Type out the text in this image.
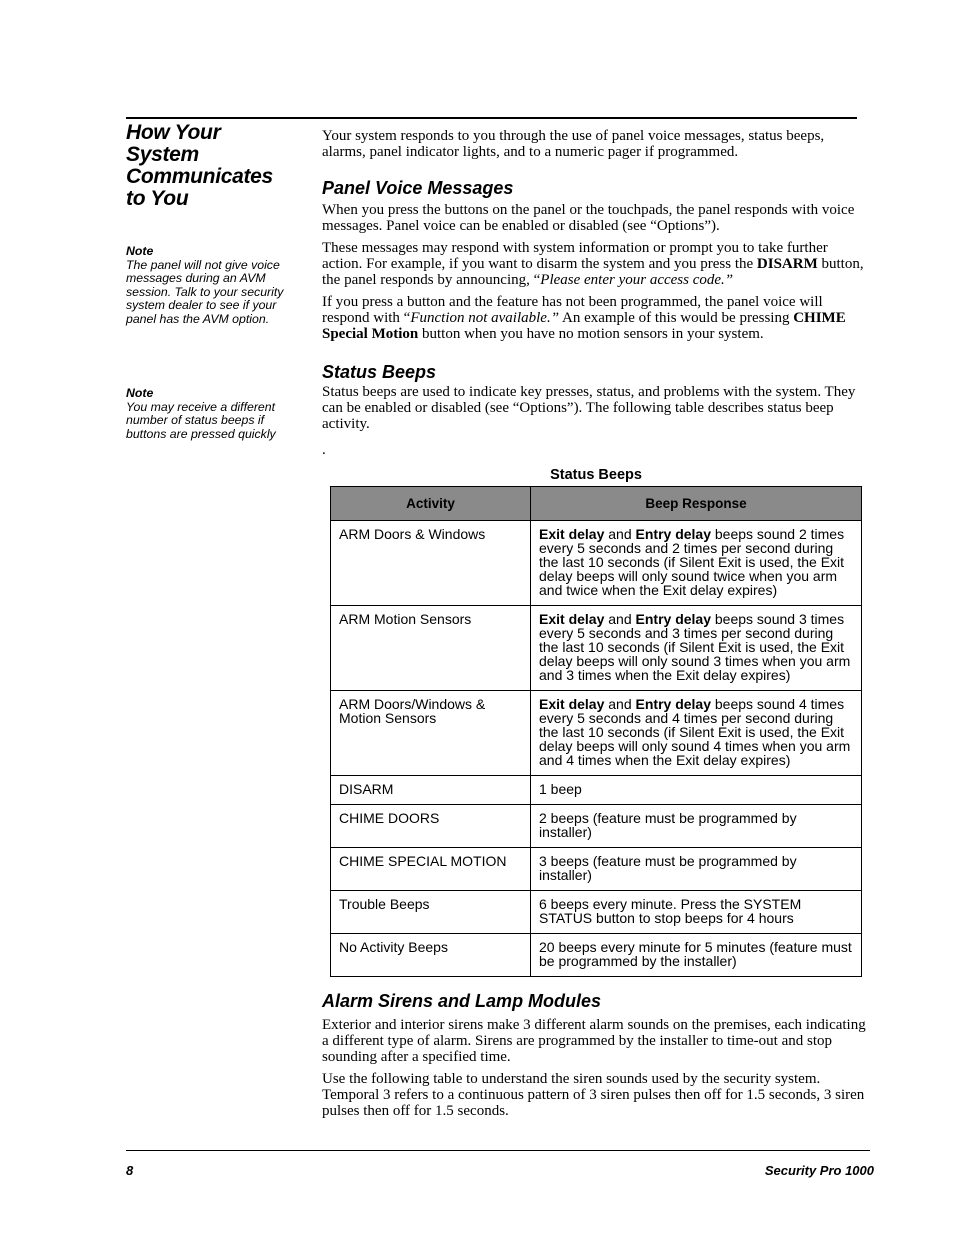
How Your
System
Communicates
to You
Note
The panel will not give voice messages during an AVM session. Talk to your security system dealer to see if your panel has the AVM option.
Note
You may receive a different number of status beeps if buttons are pressed quickly

Your system responds to you through the use of panel voice messages, status beeps, alarms, panel indicator lights, and to a numeric pager if programmed.

Panel Voice Messages

When you press the buttons on the panel or the touchpads, the panel responds with voice messages. Panel voice can be enabled or disabled (see “Options”).

These messages may respond with system information or prompt you to take further action. For example, if you want to disarm the system and you press the DISARM button, the panel responds by announcing, “Please enter your access code.”

If you press a button and the feature has not been programmed, the panel voice will respond with “Function not available.” An example of this would be pressing CHIME Special Motion button when you have no motion sensors in your system.

Status Beeps

Status beeps are used to indicate key presses, status, and problems with the system. They can be enabled or disabled (see “Options”). The following table describes status beep activity.

.
Status Beeps
Activity	Beep Response
ARM Doors & Windows	Exit delay and Entry delay beeps sound 2 times every 5 seconds and 2 times per second during the last 10 seconds (if Silent Exit is used, the Exit delay beeps will only sound twice when you arm and twice when the Exit delay expires)
ARM Motion Sensors	Exit delay and Entry delay beeps sound 3 times every 5 seconds and 3 times per second during the last 10 seconds (if Silent Exit is used, the Exit delay beeps will only sound 3 times when you arm and 3 times when the Exit delay expires)
ARM Doors/Windows & Motion Sensors	Exit delay and Entry delay beeps sound 4 times every 5 seconds and 4 times per second during the last 10 seconds (if Silent Exit is used, the Exit delay beeps will only sound 4 times when you arm and 4 times when the Exit delay expires)
DISARM	1 beep
CHIME DOORS	2 beeps (feature must be programmed by installer)
CHIME SPECIAL MOTION	3 beeps (feature must be programmed by installer)
Trouble Beeps	6 beeps every minute. Press the SYSTEM STATUS button to stop beeps for 4 hours
No Activity Beeps	20 beeps every minute for 5 minutes (feature must be programmed by the installer)
Alarm Sirens and Lamp Modules

Exterior and interior sirens make 3 different alarm sounds on the premises, each indicating a different type of alarm. Sirens are programmed by the installer to time-out and stop sounding after a specified time.

Use the following table to understand the siren sounds used by the security system. Temporal 3 refers to a continuous pattern of 3 siren pulses then off for 1.5 seconds, 3 siren pulses then off for 1.5 seconds.

8	Security Pro 1000
